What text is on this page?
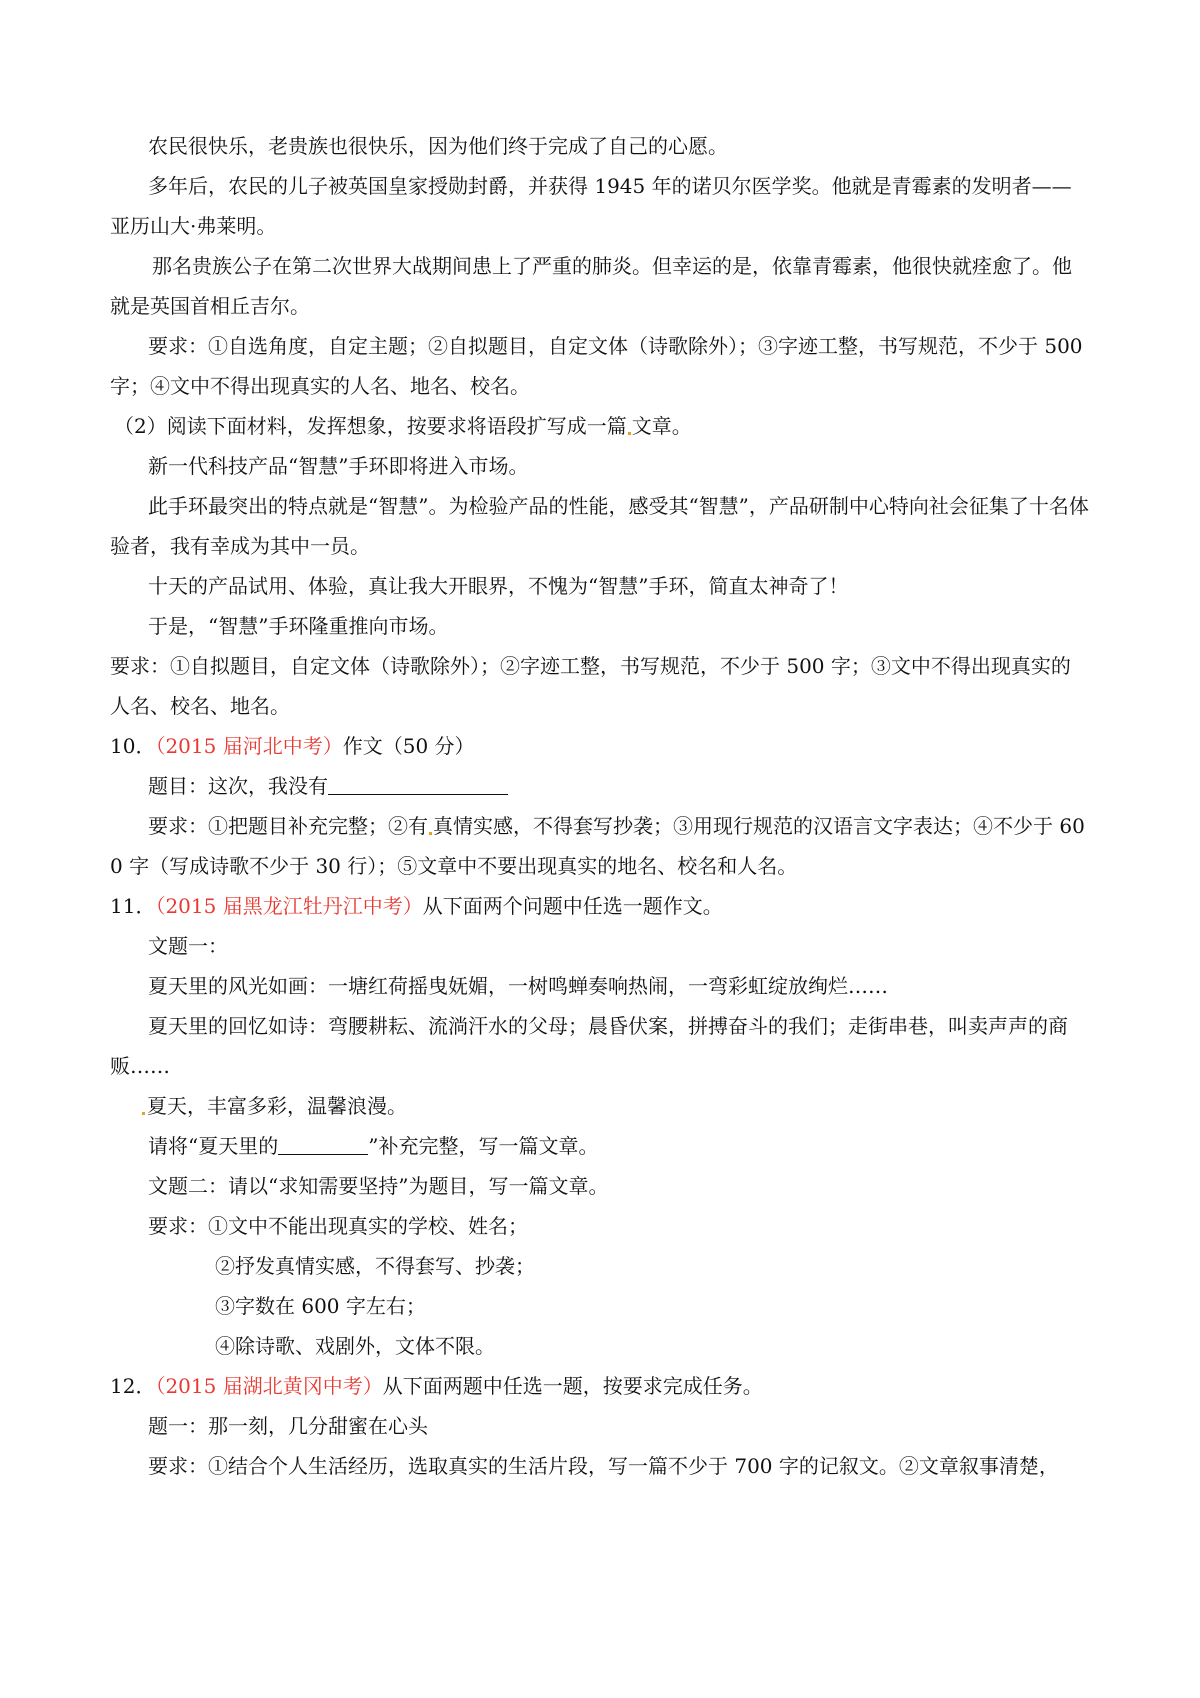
农民很快乐，老贵族也很快乐，因为他们终于完成了自己的心愿。

多年后，农民的儿子被英国皇家授勋封爵，并获得 1945 年的诺贝尔医学奖。他就是青霉素的发明者——亚历山大·弗莱明。

那名贵族公子在第二次世界大战期间患上了严重的肺炎。但幸运的是，依靠青霉素，他很快就痊愈了。他就是英国首相丘吉尔。

要求：①自选角度，自定主题；②自拟题目，自定文体（诗歌除外）；③字迹工整，书写规范，不少于 500 字；④文中不得出现真实的人名、地名、校名。

（2）阅读下面材料，发挥想象，按要求将语段扩写成一篇 文章。

新一代科技产品“智慧”手环即将进入市场。

此手环最突出的特点就是“智慧”。为检验产品的性能，感受其“智慧”，产品研制中心特向社会征集了十名体验者，我有幸成为其中一员。

十天的产品试用、体验，真让我大开眼界，不愧为“智慧”手环，简直太神奇了！

于是，“智慧”手环隆重推向市场。

要求：①自拟题目，自定文体（诗歌除外）；②字迹工整，书写规范，不少于 500 字；③文中不得出现真实的人名、校名、地名。

10．（2015 届河北中考）作文（50 分）

题目：这次，我没有

要求：①把题目补充完整；②有 真情实感，不得套写抄袭；③用现行规范的汉语言文字表达；④不少于 600 字（写成诗歌不少于 30 行）；⑤文章中不要出现真实的地名、校名和人名。

11．（2015 届黑龙江牡丹江中考）从下面两个问题中任选一题作文。

文题一：

夏天里的风光如画：一塘红荷摇曳妩媚，一树鸣蝉奏响热闹，一弯彩虹绽放绚烂……

夏天里的回忆如诗：弯腰耕耘、流淌汗水的父母；晨昏伏案，拼搏奋斗的我们；走街串巷，叫卖声声的商贩……

夏天，丰富多彩，温馨浪漫。

请将“夏天里的	”补充完整，写一篇文章。

文题二：请以“求知需要坚持”为题目，写一篇文章。

要求：①文中不能出现真实的学校、姓名；

②抒发真情实感，不得套写、抄袭；

③字数在 600 字左右；

④除诗歌、戏剧外，文体不限。

12．（2015 届湖北黄冈中考）从下面两题中任选一题，按要求完成任务。

题一：那一刻，几分甜蜜在心头

要求：①结合个人生活经历，选取真实的生活片段，写一篇不少于 700 字的记叙文。②文章叙事清楚，
